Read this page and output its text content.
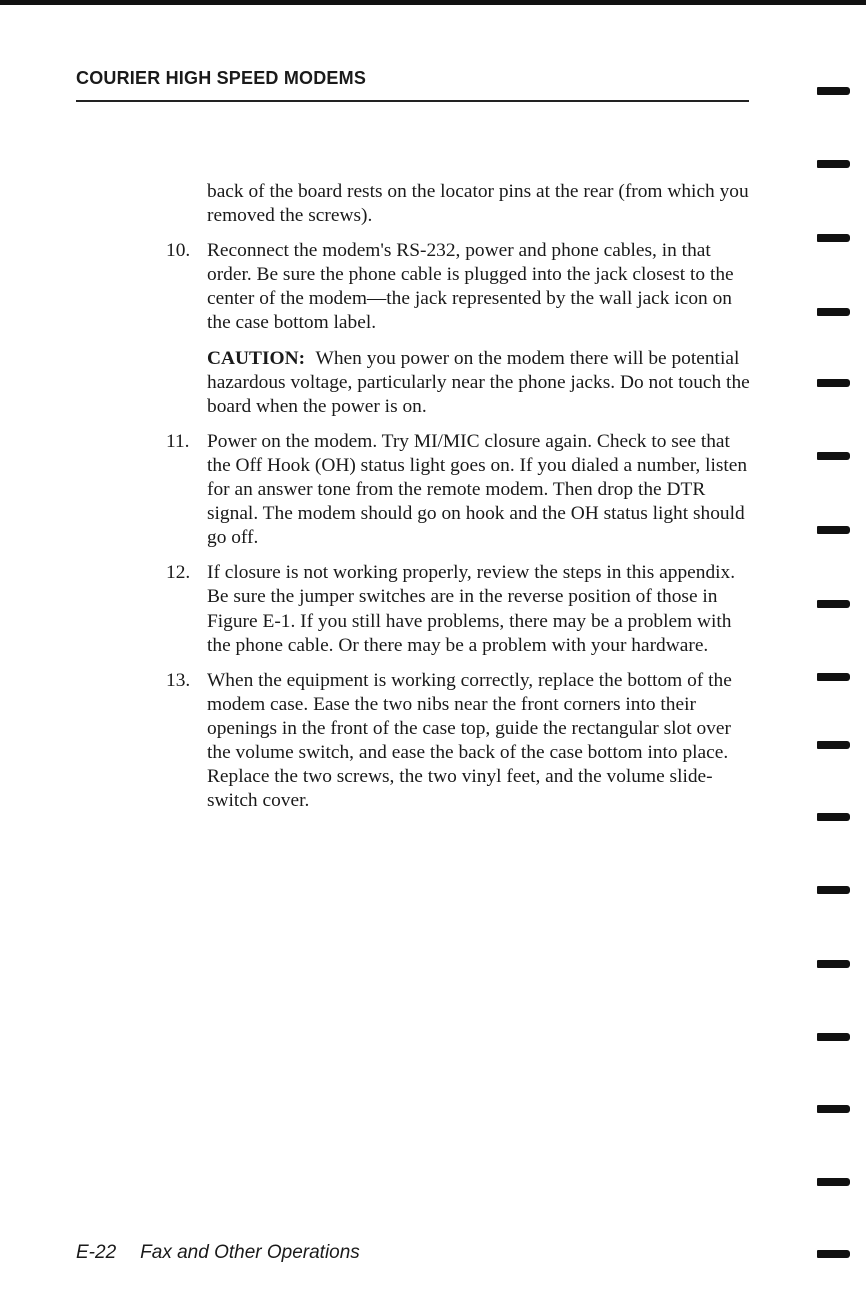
COURIER HIGH SPEED MODEMS
back of the board rests on the locator pins at the rear (from which you removed the screws).
10. Reconnect the modem's RS-232, power and phone cables, in that order. Be sure the phone cable is plugged into the jack closest to the center of the modem—the jack represented by the wall jack icon on the case bottom label.
CAUTION: When you power on the modem there will be potential hazardous voltage, particularly near the phone jacks. Do not touch the board when the power is on.
11. Power on the modem. Try MI/MIC closure again. Check to see that the Off Hook (OH) status light goes on. If you dialed a number, listen for an answer tone from the remote modem. Then drop the DTR signal. The modem should go on hook and the OH status light should go off.
12. If closure is not working properly, review the steps in this appendix. Be sure the jumper switches are in the reverse position of those in Figure E-1. If you still have problems, there may be a problem with the phone cable. Or there may be a problem with your hardware.
13. When the equipment is working correctly, replace the bottom of the modem case. Ease the two nibs near the front corners into their openings in the front of the case top, guide the rectangular slot over the volume switch, and ease the back of the case bottom into place. Replace the two screws, the two vinyl feet, and the volume slide-switch cover.
E-22 Fax and Other Operations
